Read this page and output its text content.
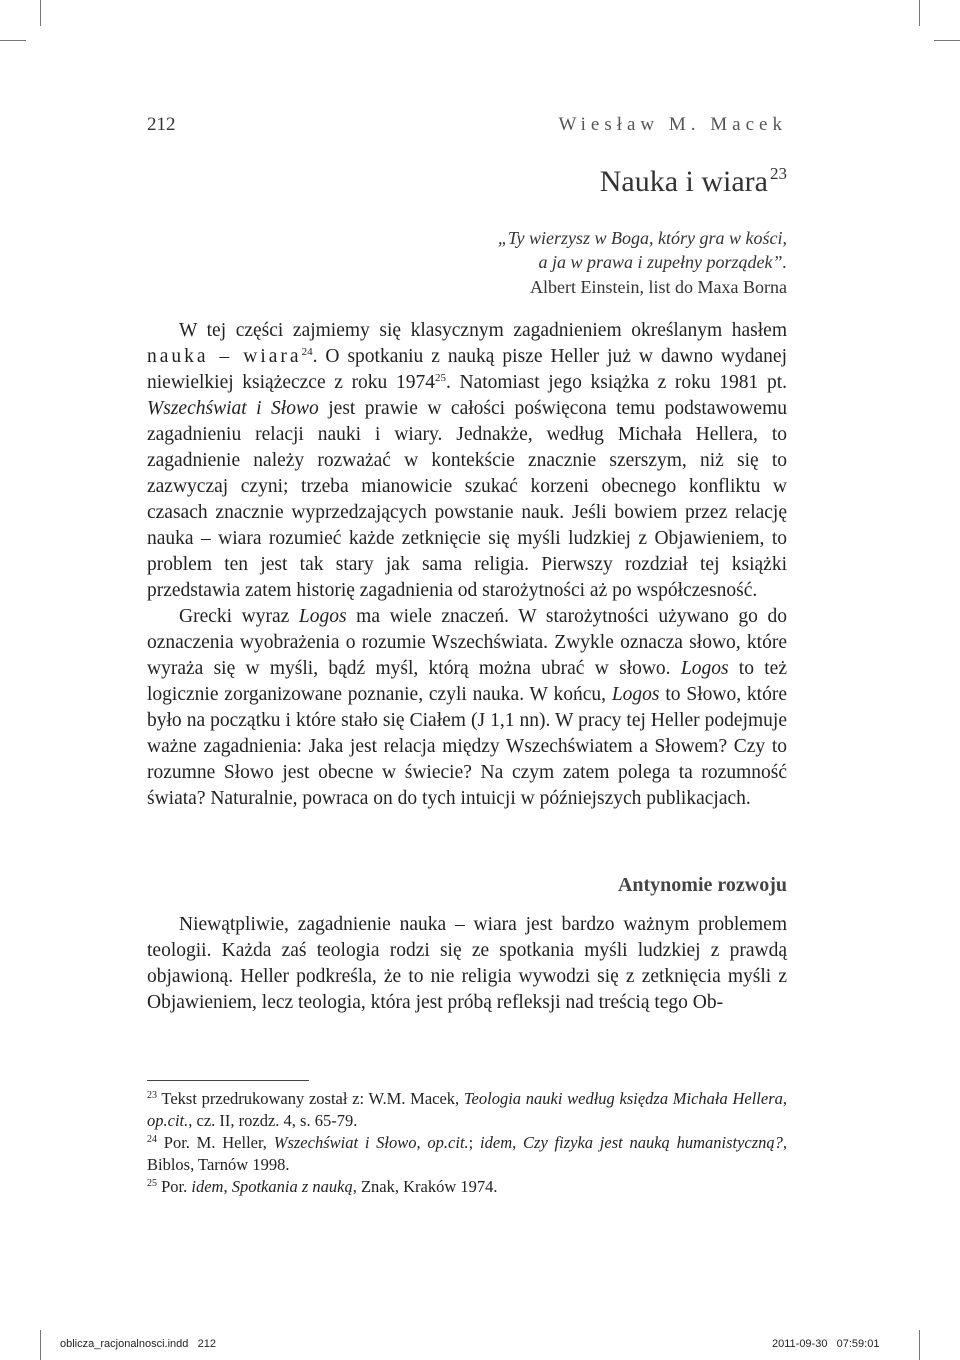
212	Wiesław M. Macek
Nauka i wiara $^{23}$
„Ty wierzysz w Boga, który gra w kości,
a ja w prawa i zupełny porządek”.
Albert Einstein, list do Maxa Borna

W tej części zajmiemy się klasycznym zagadnieniem określanym hasłem nauka – wiara$^{24}$. O spotkaniu z nauką pisze Heller już w dawno wydanej niewielkiej książeczce z roku 1974$^{25}$. Natomiast jego książka z roku 1981 pt. Wszechświat i Słowo jest prawie w całości poświęcona temu podstawowemu zagadnieniu relacji nauki i wiary. Jednakże, według Michała Hellera, to zagadnienie należy rozważać w kontekście znacznie szerszym, niż się to zazwyczaj czyni; trzeba mianowicie szukać korzeni obecnego konfliktu w czasach znacznie wyprzedzających powstanie nauk. Jeśli bowiem przez relację nauka – wiara rozumieć każde zetknięcie się myśli ludzkiej z Objawieniem, to problem ten jest tak stary jak sama religia. Pierwszy rozdział tej książki przedstawia zatem historię zagadnienia od starożytności aż po współczesność.

Grecki wyraz Logos ma wiele znaczeń. W starożytności używano go do oznaczenia wyobrażenia o rozumie Wszechświata. Zwykle oznacza słowo, które wyraża się w myśli, bądź myśl, którą można ubrać w słowo. Logos to też logicznie zorganizowane poznanie, czyli nauka. W końcu, Logos to Słowo, które było na początku i które stało się Ciałem (J 1,1 nn). W pracy tej Heller podejmuje ważne zagadnienia: Jaka jest relacja między Wszechświatem a Słowem? Czy to rozumne Słowo jest obecne w świecie? Na czym zatem polega ta rozumność świata? Naturalnie, powraca on do tych intuicji w późniejszych publikacjach.

Antynomie rozwoju

Niewątpliwie, zagadnienie nauka – wiara jest bardzo ważnym problemem teologii. Każda zaś teologia rodzi się ze spotkania myśli ludzkiej z prawdą objawioną. Heller podkreśla, że to nie religia wywodzi się z zetknięcia myśli z Objawieniem, lecz teologia, która jest próbą refleksji nad treścią tego Ob-

$^{23}$ Tekst przedrukowany został z: W.M. Macek, Teologia nauki według księdza Michała Hellera, op.cit., cz. II, rozdz. 4, s. 65-79.

$^{24}$ Por. M. Heller, Wszechświat i Słowo, op.cit.; idem, Czy fizyka jest nauką humanistyczną?, Biblos, Tarnów 1998.

$^{25}$ Por. idem, Spotkania z nauką, Znak, Kraków 1974.

oblicza_racjonalnosci.indd   212	2011-09-30   07:59:01
